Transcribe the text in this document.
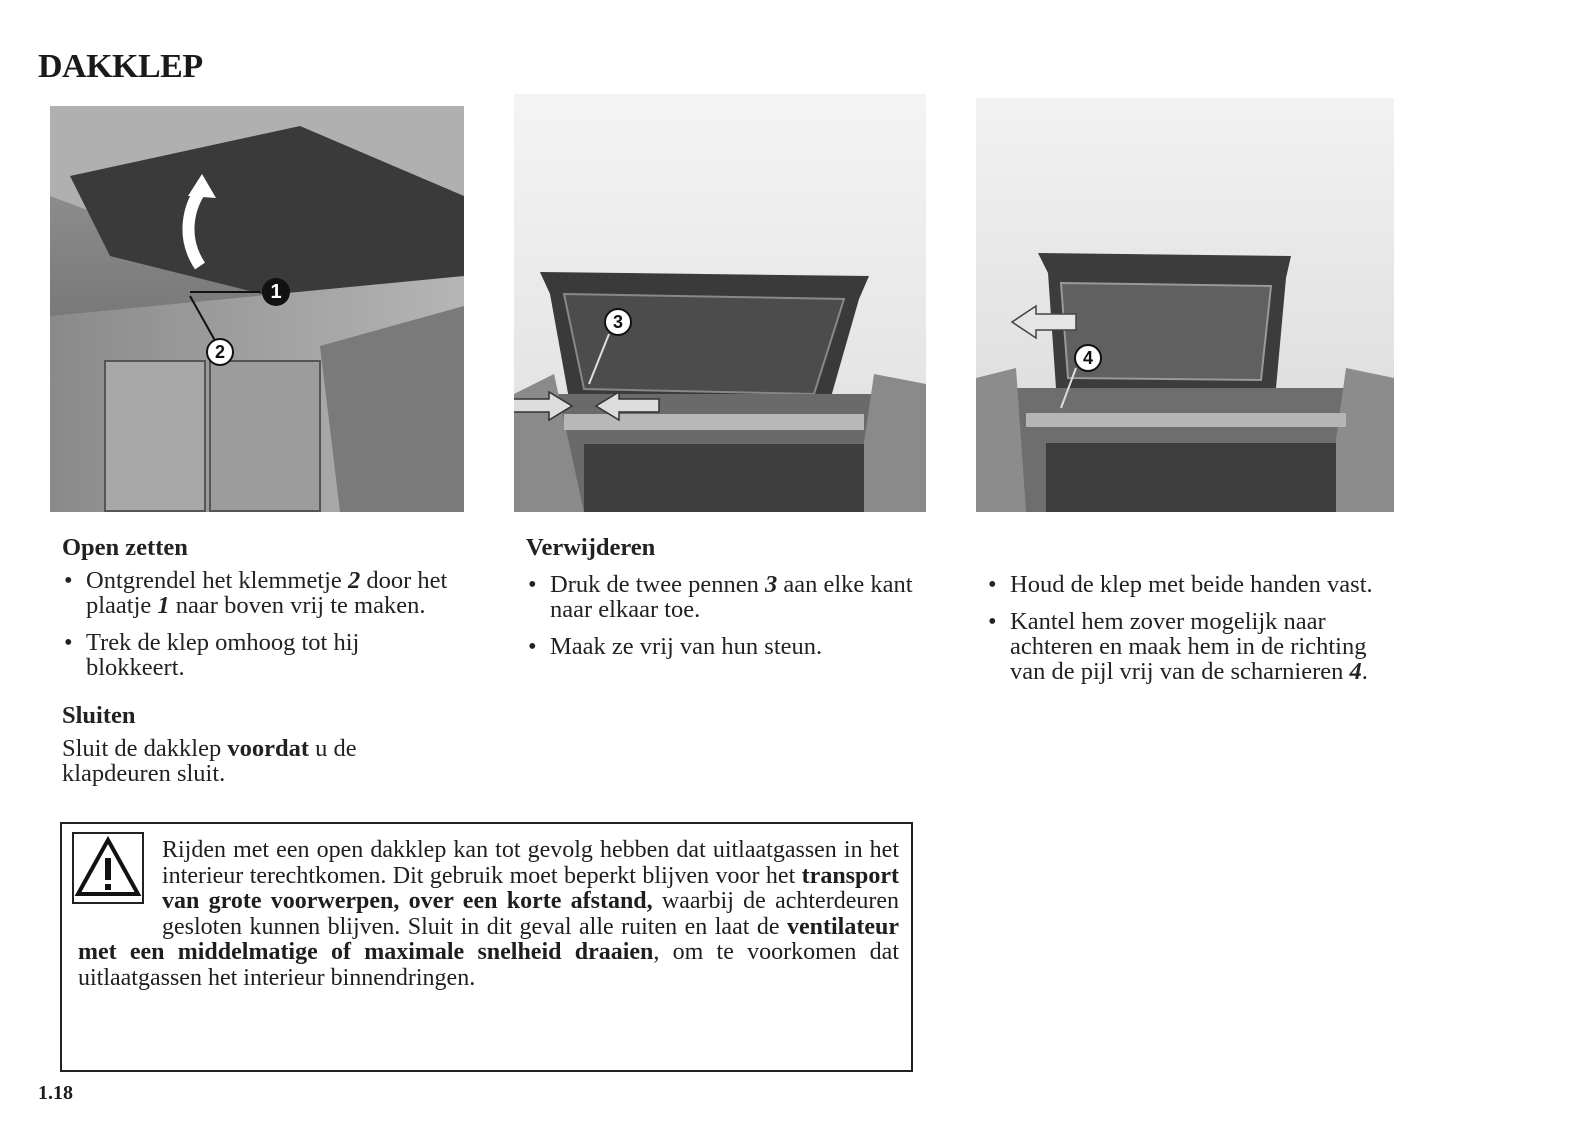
DAKKLEP
1
2
3
4
Open zetten
• Ontgrendel het klemmetje 2 door het plaatje 1 naar boven vrij te maken.
• Trek de klep omhoog tot hij blokkeert.
Sluiten

Sluit de dakklep voordat u de klapdeuren sluit.

Verwijderen
• Druk de twee pennen 3 aan elke kant naar elkaar toe.
• Maak ze vrij van hun steun.
• Houd de klep met beide handen vast.
• Kantel hem zover mogelijk naar achteren en maak hem in de richting van de pijl vrij van de scharnieren 4.
Rijden met een open dakklep kan tot gevolg hebben dat uitlaatgassen in het interieur terechtkomen. Dit gebruik moet beperkt blijven voor het transport van grote voorwerpen, over een korte afstand, waarbij de achterdeuren gesloten kunnen blijven. Sluit in dit geval alle ruiten en laat de ventilateur met een middelmatige of maximale snelheid draaien, om te voorkomen dat uitlaatgassen het interieur binnendringen.
1.18
